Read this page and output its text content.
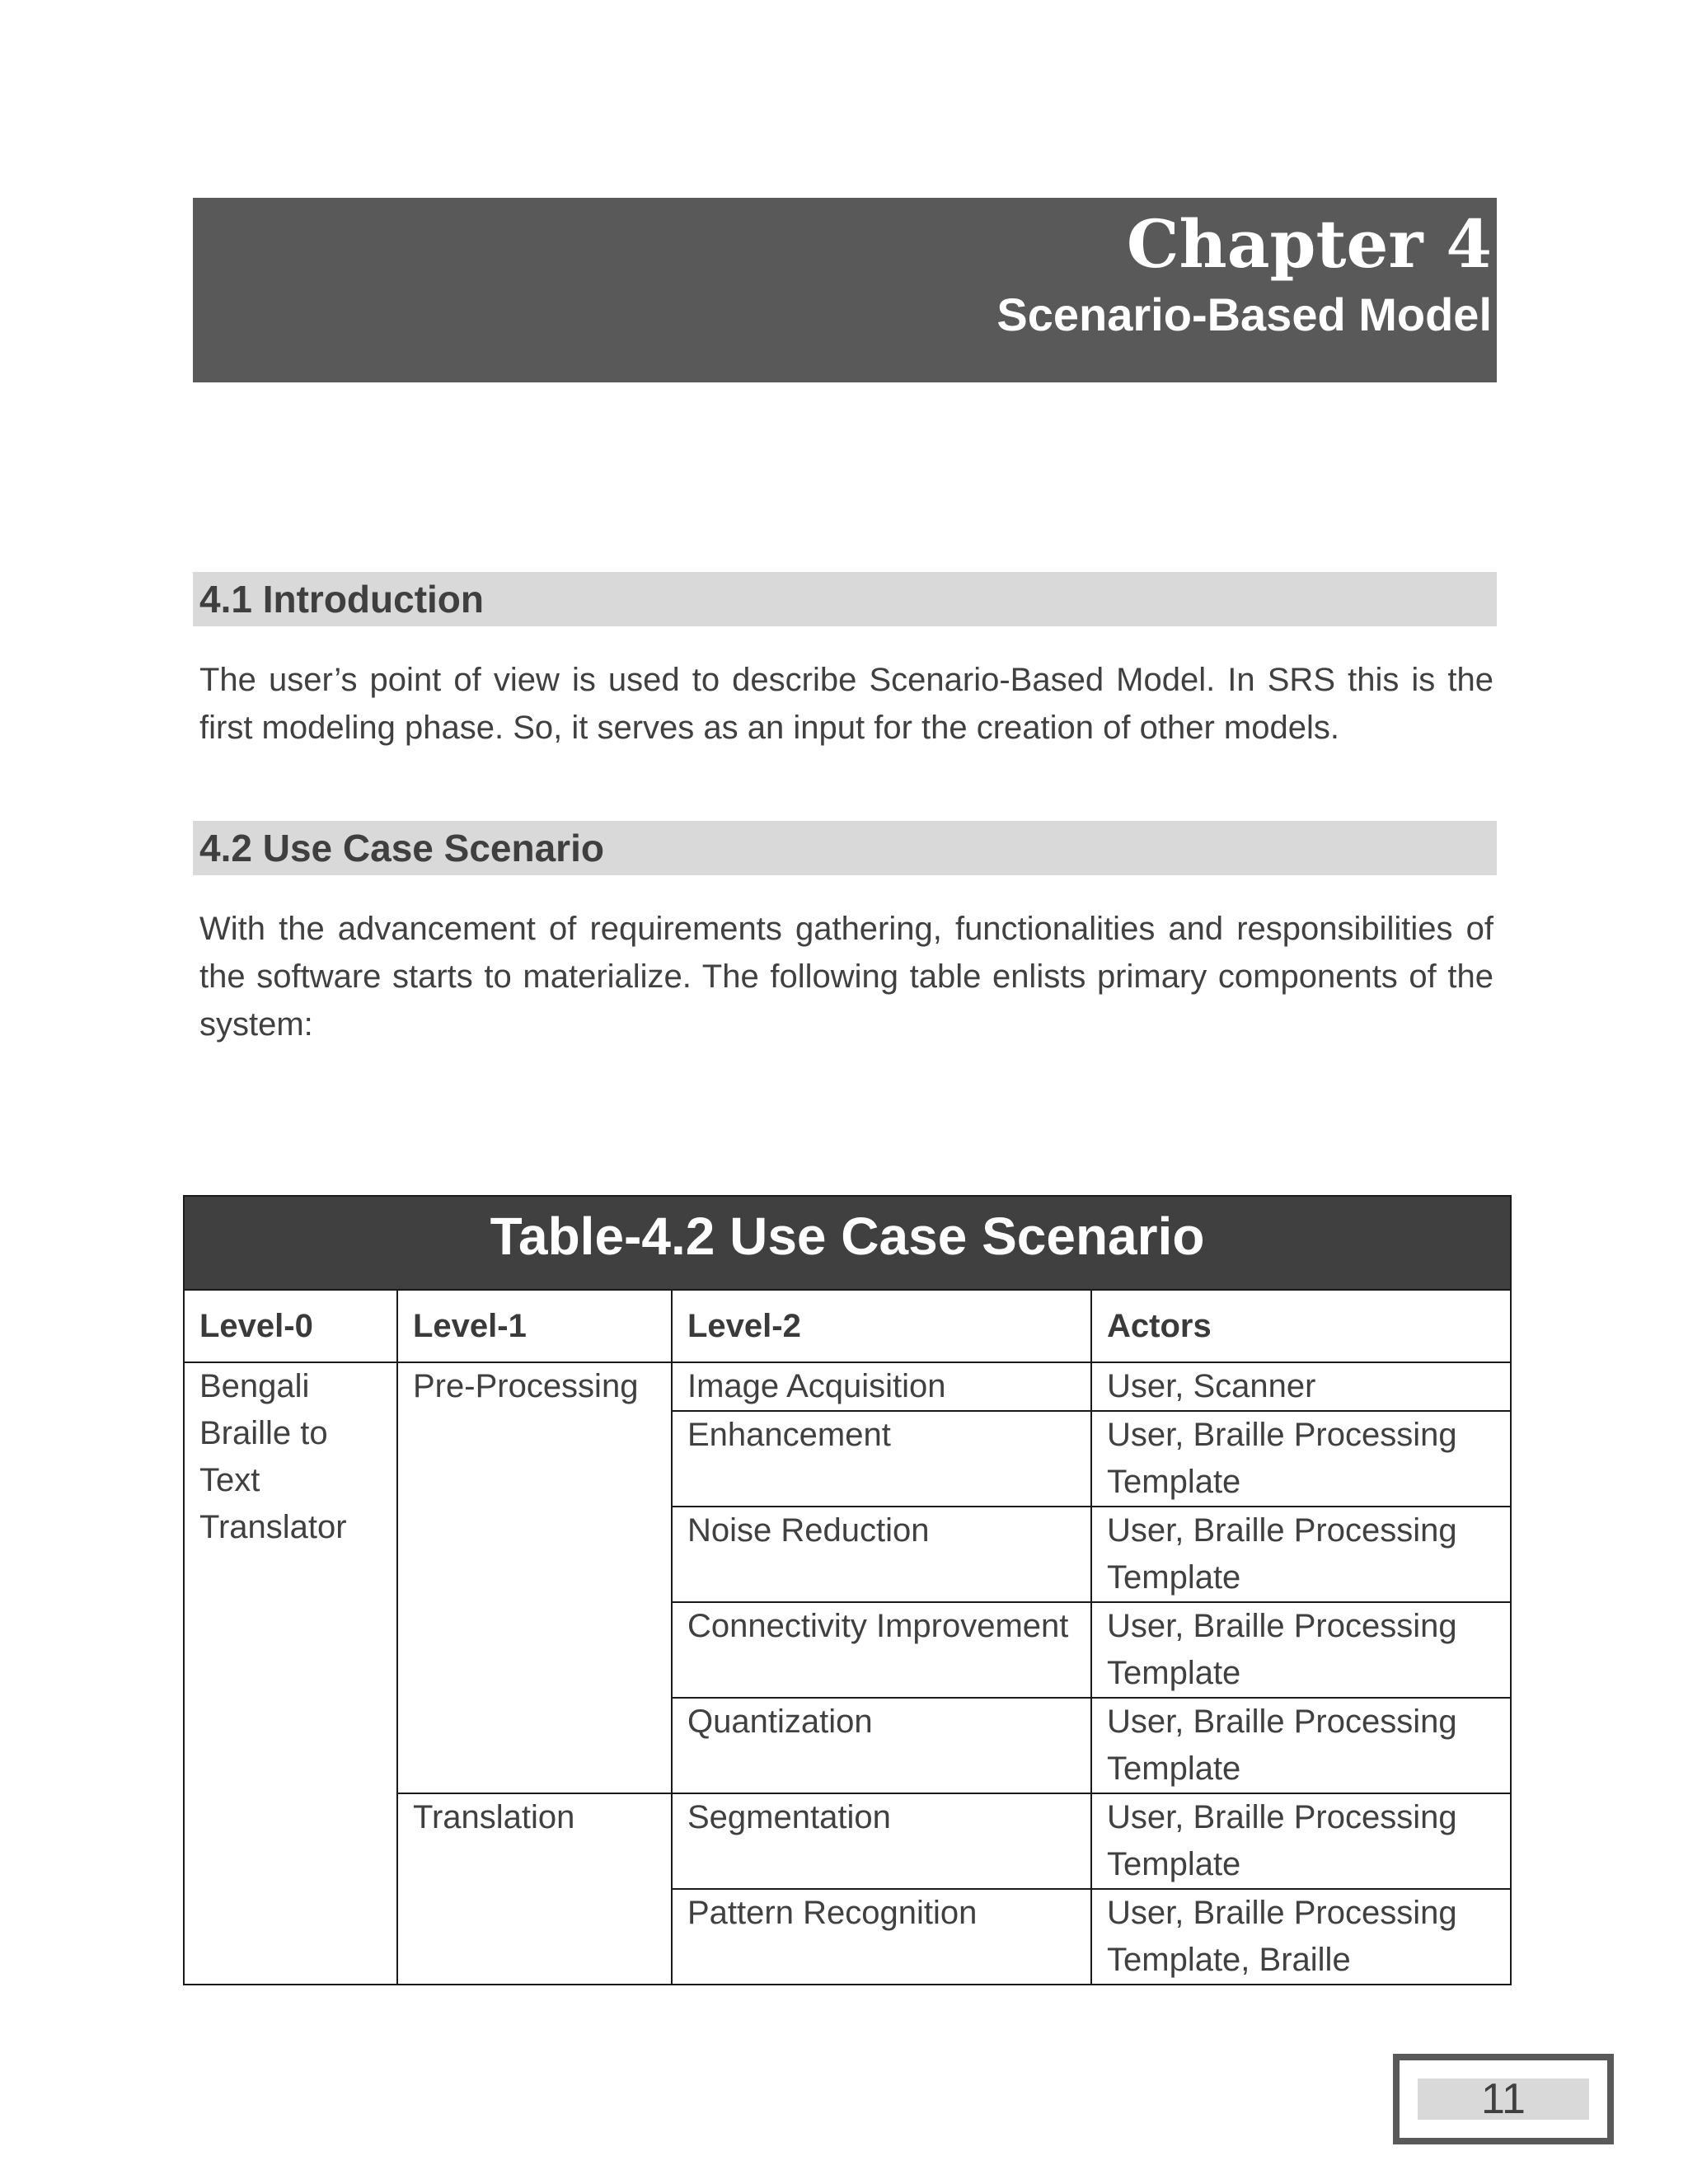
Chapter 4
Scenario-Based Model
4.1 Introduction

The user’s point of view is used to describe Scenario-Based Model. In SRS this is the first modeling phase. So, it serves as an input for the creation of other models.

4.2 Use Case Scenario

With the advancement of requirements gathering, functionalities and responsibilities of the software starts to materialize. The following table enlists primary components of the system:

Table-4.2 Use Case Scenario			
Level-0	Level-1	Level-2	Actors
Bengali Braille to Text Translator	Pre-Processing	Image Acquisition	User, Scanner
		Enhancement	User, Braille Processing Template
		Noise Reduction	User, Braille Processing Template
		Connectivity Improvement	User, Braille Processing Template
		Quantization	User, Braille Processing Template
	Translation	Segmentation	User, Braille Processing Template
		Pattern Recognition	User, Braille Processing Template, Braille
11
